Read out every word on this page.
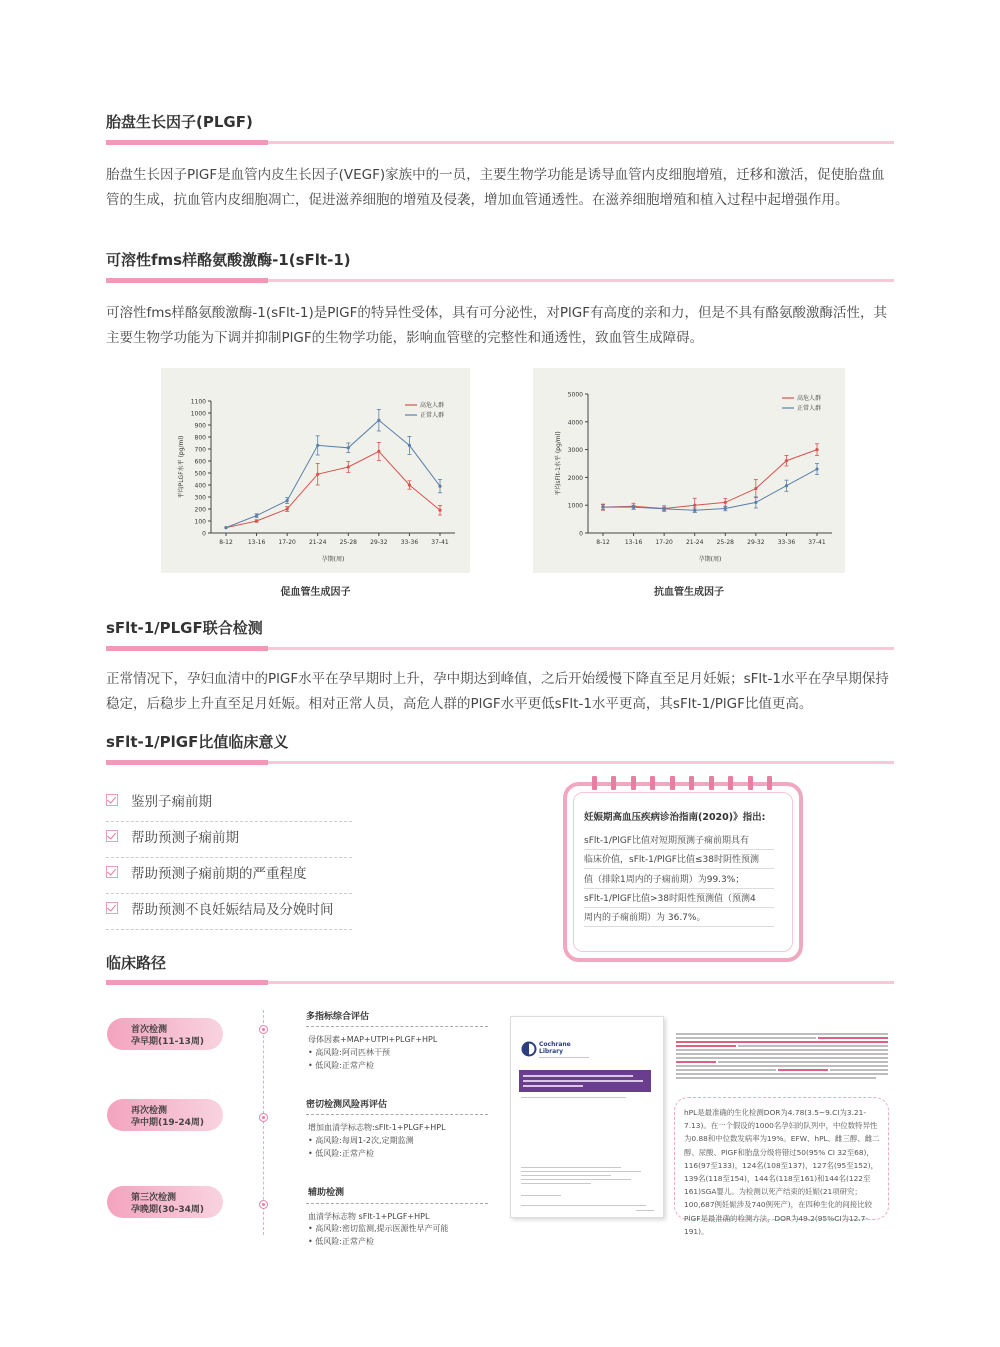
胎盘生长因子(PLGF)
胎盘生长因子PlGF是血管内皮生长因子(VEGF)家族中的一员，主要生物学功能是诱导血管内皮细胞增殖，迁移和激活，促使胎盘血管的生成，抗血管内皮细胞凋亡，促进滋养细胞的增殖及侵袭，增加血管通透性。在滋养细胞增殖和植入过程中起增强作用。
可溶性fms样酪氨酸激酶-1(sFlt-1)
可溶性fms样酪氨酸激酶-1(sFlt-1)是PlGF的特异性受体，具有可分泌性，对PlGF有高度的亲和力，但是不具有酪氨酸激酶活性，其主要生物学功能为下调并抑制PlGF的生物学功能，影响血管壁的完整性和通透性，致血管生成障碍。
0
100
200
300
400
500
600
700
800
900
1000
1100
8-12	13-16 17-20 21-24 25-28 29-32 33-36 37-41
孕期(周)
平均PLGF水平 (pg/ml)
高危人群
正常人群
促血管生成因子
0
1000
2000
3000
4000
5000
8-12	13-16 17-20 21-24 25-28 29-32 33-36 37-41
孕期(周)
平均sFlt-1水平 (pg/ml)
高危人群
正常人群
抗血管生成因子
sFlt-1/PLGF联合检测
正常情况下，孕妇血清中的PlGF水平在孕早期时上升，孕中期达到峰值，之后开始缓慢下降直至足月妊娠；sFlt-1水平在孕早期保持稳定，后稳步上升直至足月妊娠。相对正常人员，高危人群的PlGF水平更低sFlt-1水平更高，其sFlt-1/PlGF比值更高。
sFlt-1/PlGF比值临床意义
鉴别子痫前期
帮助预测子痫前期
帮助预测子痫前期的严重程度
帮助预测不良妊娠结局及分娩时间
妊娠期高血压疾病诊治指南(2020)》指出:
sFlt-1/PlGF比值对短期预测子痫前期具有
临床价值，sFlt-1/PlGF比值≤38时阴性预测
值（排除1周内的子痫前期）为99.3%；
sFlt-1/PlGF比值>38时阳性预测值（预测4
周内的子痫前期）为 36.7%。
临床路径
首次检测
孕早期(11-13周)
再次检测
孕中期(19-24周)
第三次检测
孕晚期(30-34周)
多指标综合评估
母体因素+MAP+UTPI+PLGF+HPL
• 高风险:阿司匹林干预
• 低风险:正常产检
密切检测风险再评估
增加血清学标志物:sFlt-1+PLGF+HPL
• 高风险:每周1-2次,定期监测
• 低风险:正常产检
辅助检测
血清学标志物 sFlt-1+PLGF+HPL
• 高风险:密切监测,提示医源性早产可能
• 低风险:正常产检
Cochrane
Library
hPL是最准确的生化检测DOR为4.78(3.5~9.CI为3.21-7.13)。在一个假设的1000名孕妇的队列中，中位数特异性为0.88和中位数发病率为19%。EFW、hPL、雌三醇、雌二醇、尿酸、PlGF和胎盘分级将错过50(95% CI 32至68)，116(97至133)，124名(108至137)，127名(95至152)，139名(118至154)，144名(118至161)和144名(122至161)SGA婴儿。为检测以死产结束的妊娠(21项研究；100,687例妊娠涉及740例死产)，在四种生化的间接比较PlGF是最准确的检测方法，DOR为49.2(95%CI为12.7-191)。
